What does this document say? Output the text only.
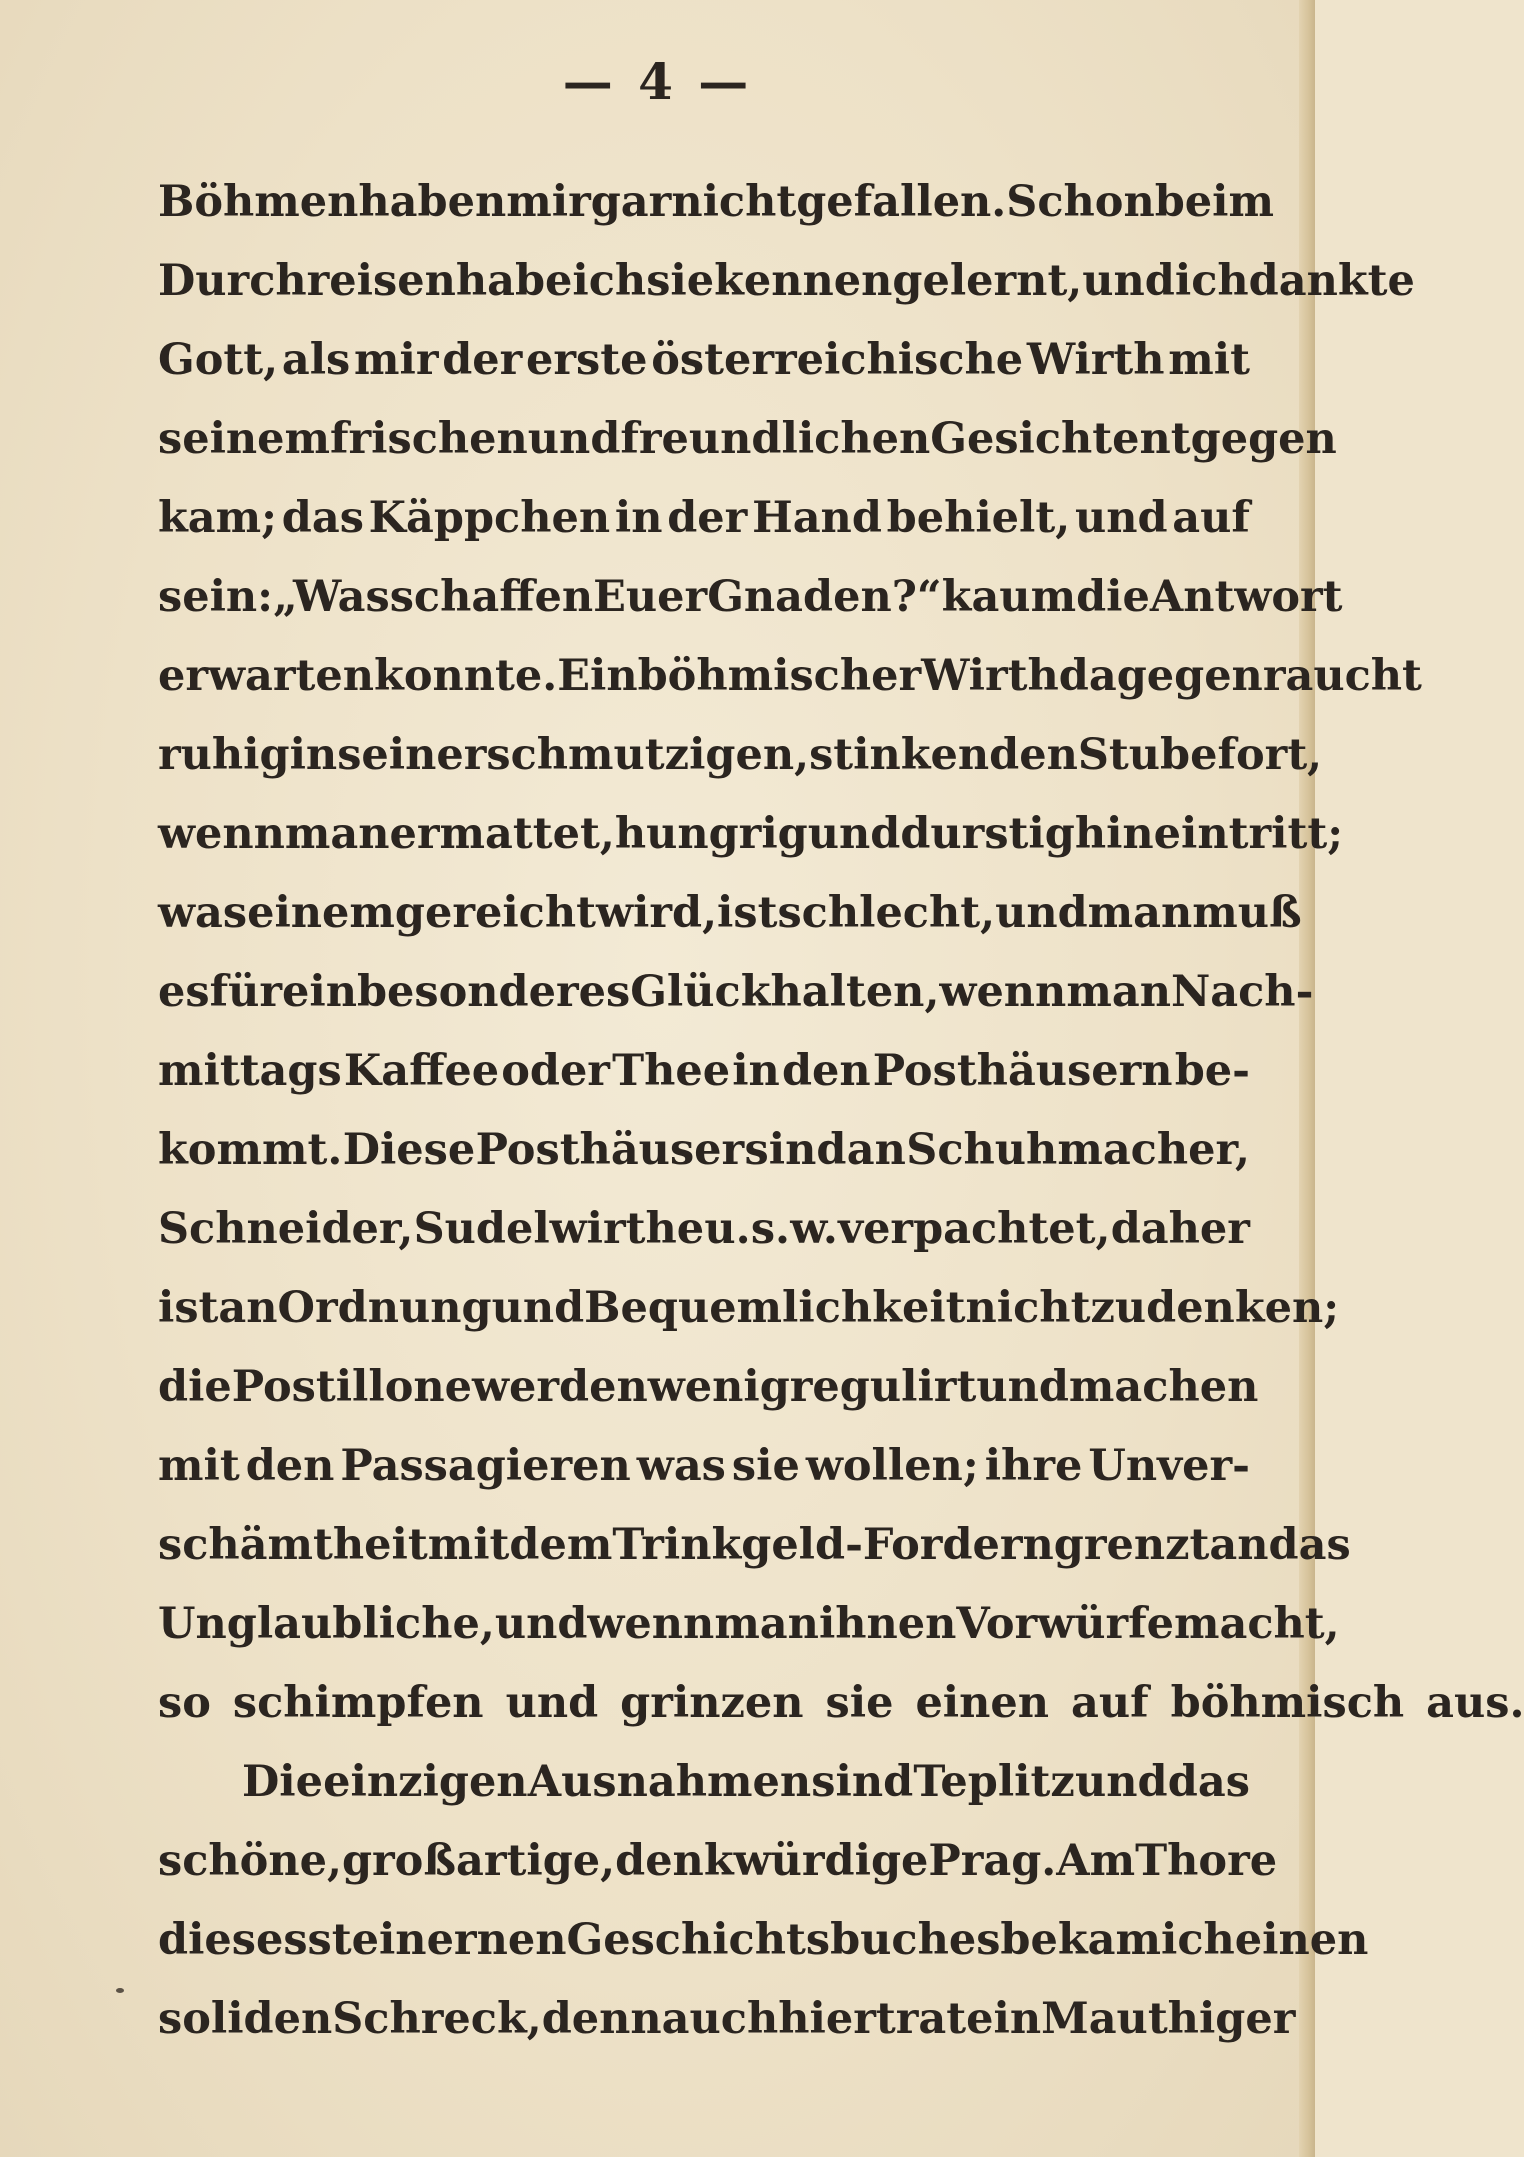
— 4 —
Böhmen haben mir gar nicht gefallen. Schon beim
Durchreisen habe ich sie kennen gelernt, und ich dankte
Gott, als mir der erste österreichische Wirth mit
seinem frischen und freundlichen Gesicht entgegen
kam; das Käppchen in der Hand behielt, und auf
sein: „Was schaffen Euer Gnaden?“ kaum die Antwort
erwarten konnte. Ein böhmischer Wirth dagegen raucht
ruhig in seiner schmutzigen, stinkenden Stube fort,
wenn man ermattet, hungrig und durstig hineintritt;
was einem gereicht wird, ist schlecht, und man muß
es für ein besonderes Glück halten, wenn man Nach-
mittags Kaffee oder Thee in den Posthäusern be-
kommt. Diese Posthäuser sind an Schuhmacher,
Schneider, Sudelwirthe u. s. w. verpachtet, daher
ist an Ordnung und Bequemlichkeit nicht zu denken;
die Postillone werden wenig regulirt und machen
mit den Passagieren was sie wollen; ihre Unver-
schämtheit mit dem Trinkgeld-Fordern grenzt an das
Unglaubliche, und wenn man ihnen Vorwürfe macht,
so schimpfen und grinzen sie einen auf böhmisch aus.
Die einzigen Ausnahmen sind Teplitz und das
schöne, großartige, denkwürdige Prag. Am Thore
dieses steinernen Geschichtsbuches bekam ich einen
soliden Schreck, denn auch hier trat ein Mauthiger
